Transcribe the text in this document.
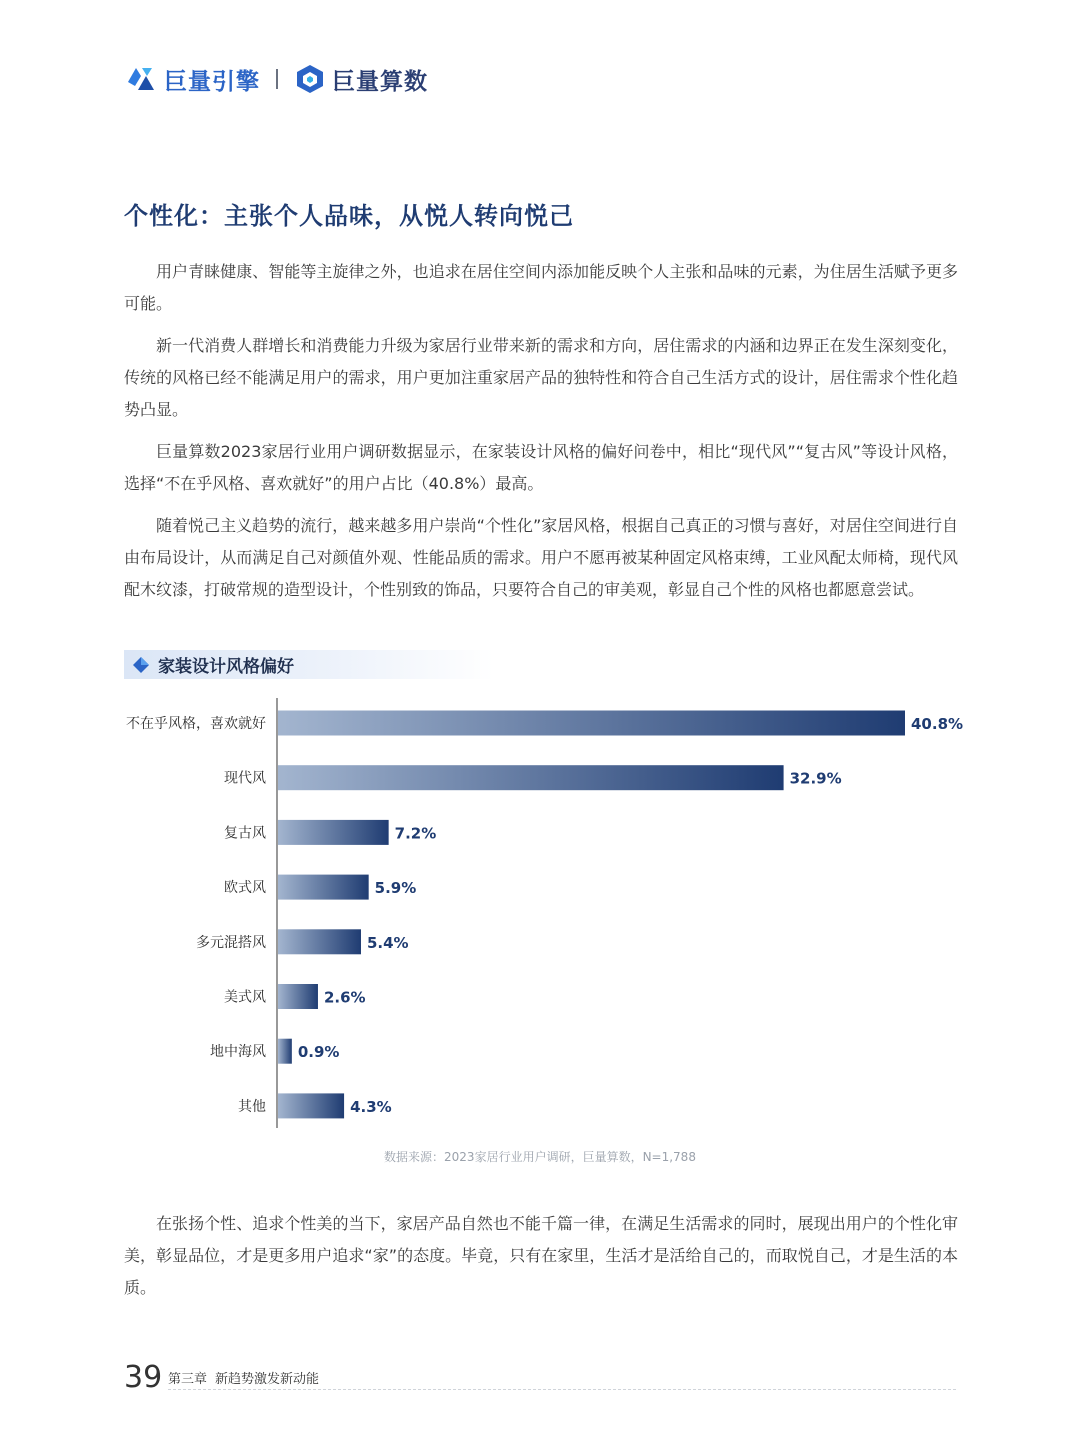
巨量引擎	巨量算数
个性化：主张个人品味，从悦人转向悦己

用户青睐健康、智能等主旋律之外，也追求在居住空间内添加能反映个人主张和品味的元素，为住居生活赋予更多可能。

新一代消费人群增长和消费能力升级为家居行业带来新的需求和方向，居住需求的内涵和边界正在发生深刻变化，传统的风格已经不能满足用户的需求，用户更加注重家居产品的独特性和符合自己生活方式的设计，居住需求个性化趋势凸显。

巨量算数2023家居行业用户调研数据显示，在家装设计风格的偏好问卷中，相比“现代风”“复古风”等设计风格，选择“不在乎风格、喜欢就好”的用户占比（40.8%）最高。

随着悦己主义趋势的流行，越来越多用户崇尚“个性化”家居风格，根据自己真正的习惯与喜好，对居住空间进行自由布局设计，从而满足自己对颜值外观、性能品质的需求。用户不愿再被某种固定风格束缚，工业风配太师椅，现代风配木纹漆，打破常规的造型设计，个性别致的饰品，只要符合自己的审美观，彰显自己个性的风格也都愿意尝试。

家装设计风格偏好
不在乎风格，喜欢就好	40.8%
现代风	32.9%
复古风	7.2%
欧式风	5.9%
多元混搭风	5.4%
美式风	2.6%
地中海风 0.9%
其他	4.3%
数据来源：2023家居行业用户调研，巨量算数，N=1,788

在张扬个性、追求个性美的当下，家居产品自然也不能千篇一律，在满足生活需求的同时，展现出用户的个性化审美，彰显品位，才是更多用户追求“家”的态度。毕竟，只有在家里，生活才是活给自己的，而取悦自己，才是生活的本质。

39 第三章 新趋势激发新动能
